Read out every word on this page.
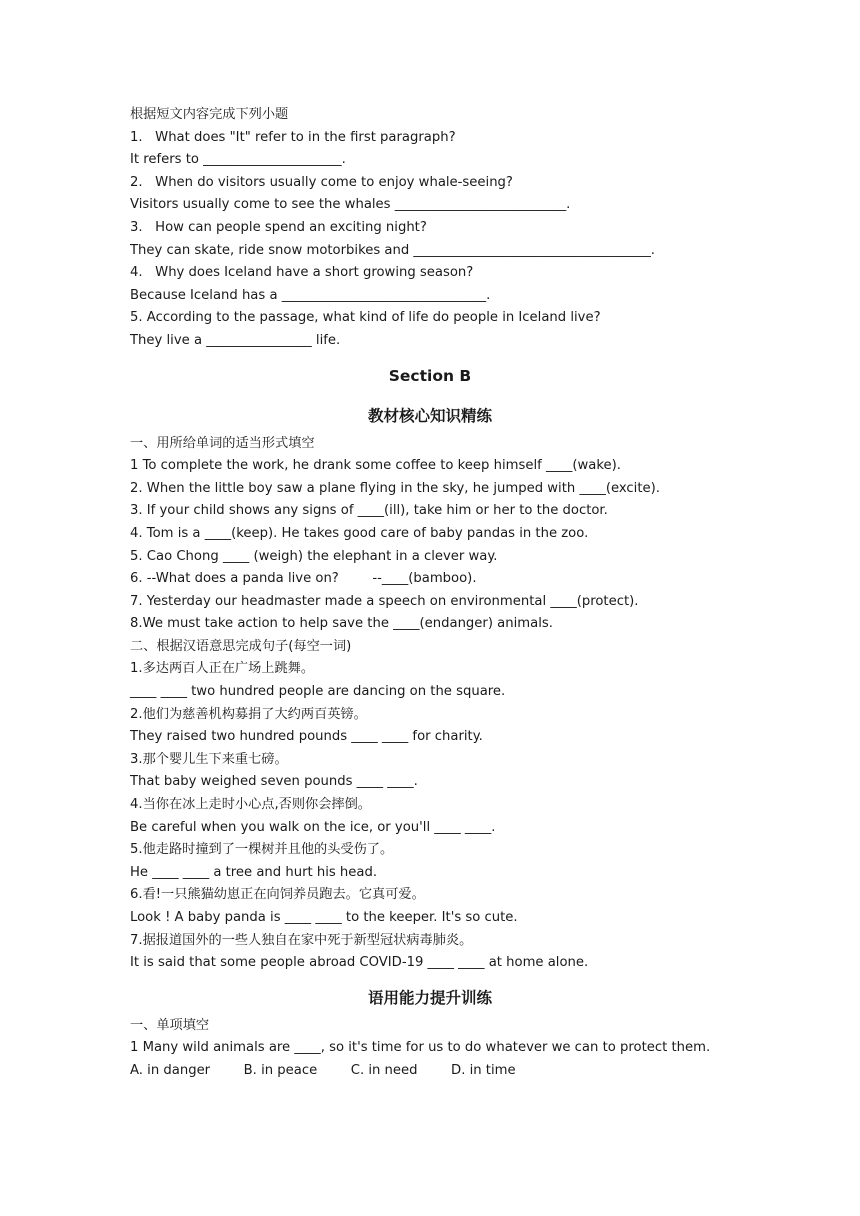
根据短文内容完成下列小题
1.   What does "It" refer to in the first paragraph?
It refers to _____________________.
2.   When do visitors usually come to enjoy whale-seeing?
Visitors usually come to see the whales __________________________.
3.   How can people spend an exciting night?
They can skate, ride snow motorbikes and ____________________________________.
4.   Why does Iceland have a short growing season?
Because Iceland has a _______________________________.
5. According to the passage, what kind of life do people in Iceland live?
They live a ________________ life.
Section B
教材核心知识精练
一、用所给单词的适当形式填空
1 To complete the work, he drank some coffee to keep himself ____(wake).
2. When the little boy saw a plane flying in the sky, he jumped with ____(excite).
3. If your child shows any signs of ____(ill), take him or her to the doctor.
4. Tom is a ____(keep). He takes good care of baby pandas in the zoo.
5. Cao Chong ____ (weigh) the elephant in a clever way.
6. --What does a panda live on?        --____(bamboo).
7. Yesterday our headmaster made a speech on environmental ____(protect).
8.We must take action to help save the ____(endanger) animals.
二、根据汉语意思完成句子(每空一词)
1.多达两百人正在广场上跳舞。
____ ____ two hundred people are dancing on the square.
2.他们为慈善机构募捐了大约两百英镑。
They raised two hundred pounds ____ ____ for charity.
3.那个婴儿生下来重七磅。
That baby weighed seven pounds ____ ____.
4.当你在冰上走时小心点,否则你会摔倒。
Be careful when you walk on the ice, or you'll ____ ____.
5.他走路时撞到了一棵树并且他的头受伤了。
He ____ ____ a tree and hurt his head.
6.看!一只熊猫幼崽正在向饲养员跑去。它真可爱。
Look ! A baby panda is ____ ____ to the keeper. It's so cute.
7.据报道国外的一些人独自在家中死于新型冠状病毒肺炎。
It is said that some people abroad COVID-19 ____ ____ at home alone.
语用能力提升训练
一、单项填空
1 Many wild animals are ____, so it's time for us to do whatever we can to protect them.
A. in danger        B. in peace        C. in need        D. in time
